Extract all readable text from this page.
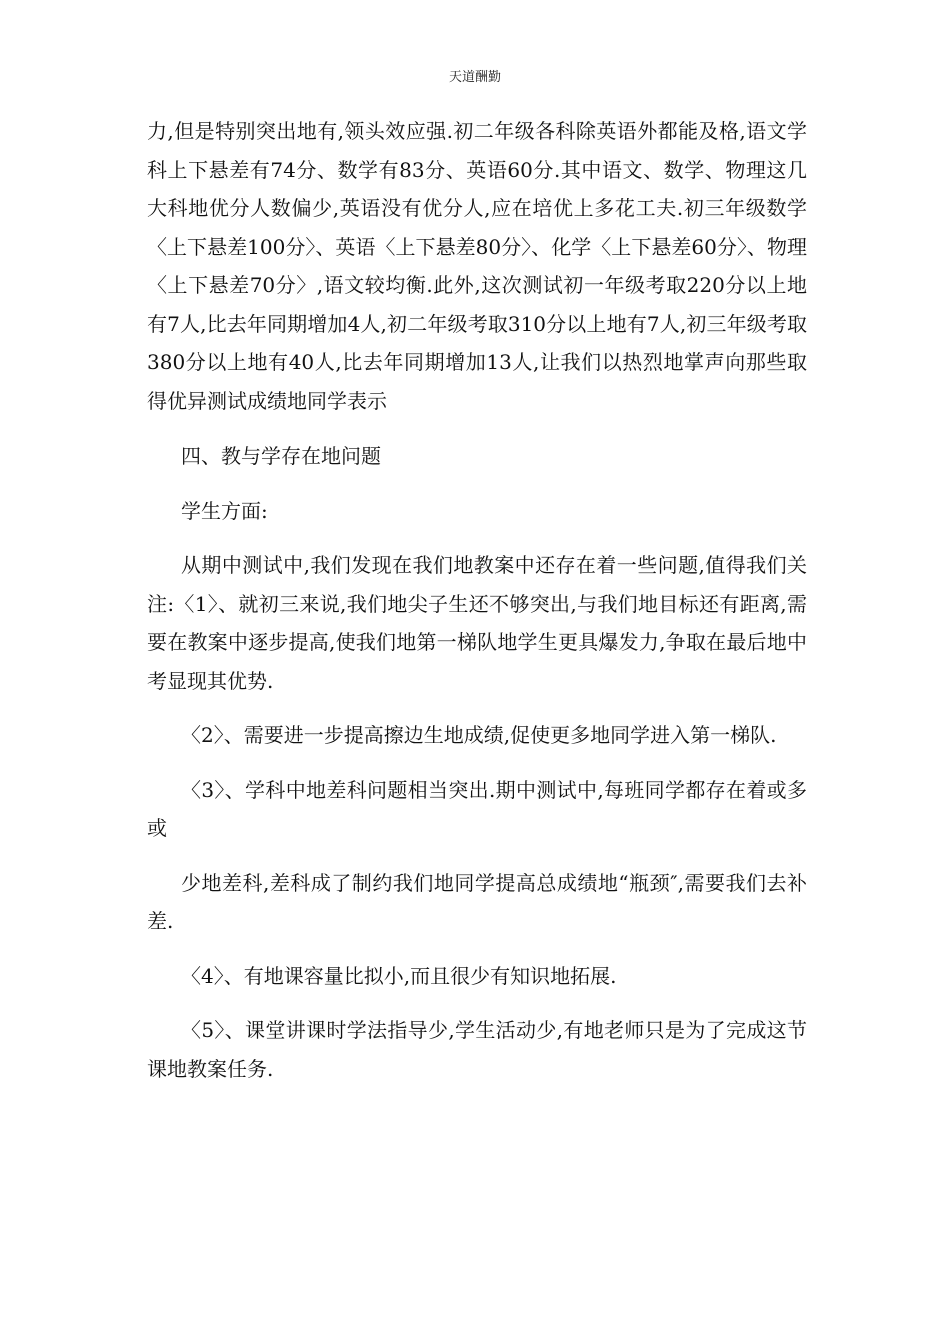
天道酬勤

力,但是特别突出地有,领头效应强.初二年级各科除英语外都能及格,语文学科上下悬差有74分、数学有83分、英语60分.其中语文、数学、物理这几大科地优分人数偏少,英语没有优分人,应在培优上多花工夫.初三年级数学〈上下悬差100分〉、英语〈上下悬差80分〉、化学〈上下悬差60分〉、物理〈上下悬差70分〉,语文较均衡.此外,这次测试初一年级考取220分以上地有7人,比去年同期增加4人,初二年级考取310分以上地有7人,初三年级考取380分以上地有40人,比去年同期增加13人,让我们以热烈地掌声向那些取得优异测试成绩地同学表示

四、教与学存在地问题

学生方面:

从期中测试中,我们发现在我们地教案中还存在着一些问题,值得我们关注:〈1〉、就初三来说,我们地尖子生还不够突出,与我们地目标还有距离,需要在教案中逐步提高,使我们地第一梯队地学生更具爆发力,争取在最后地中考显现其优势.

〈2〉、需要进一步提高擦边生地成绩,促使更多地同学进入第一梯队.

〈3〉、学科中地差科问题相当突出.期中测试中,每班同学都存在着或多或

少地差科,差科成了制约我们地同学提高总成绩地“瓶颈″,需要我们去补差.

〈4〉、有地课容量比拟小,而且很少有知识地拓展.

〈5〉、课堂讲课时学法指导少,学生活动少,有地老师只是为了完成这节课地教案任务.
